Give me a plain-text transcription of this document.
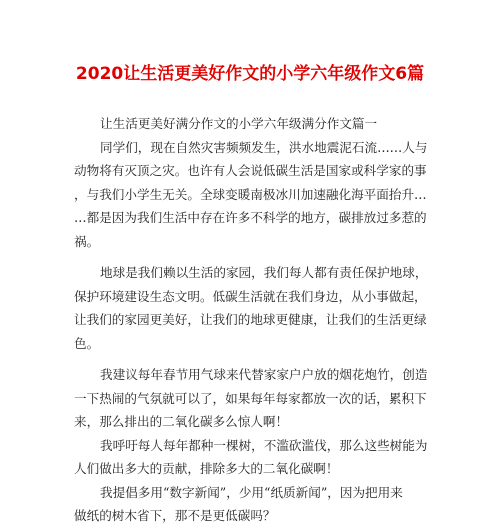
2020让生活更美好作文的小学六年级作文6篇
让生活更美好满分作文的小学六年级满分作文篇一
同学们，现在自然灾害频频发生，洪水地震泥石流……人与
动物将有灭顶之灾。也许有人会说低碳生活是国家或科学家的事
，与我们小学生无关。全球变暖南极冰川加速融化海平面抬升…
…都是因为我们生活中存在许多不科学的地方，碳排放过多惹的
祸。
地球是我们赖以生活的家园，我们每人都有责任保护地球，
保护环境建设生态文明。低碳生活就在我们身边，从小事做起，
让我们的家园更美好，让我们的地球更健康，让我们的生活更绿
色。
我建议每年春节用气球来代替家家户户放的烟花炮竹，创造
一下热闹的气氛就可以了，如果每年每家都放一次的话，累积下
来，那么排出的二氧化碳多么惊人啊！
我呼吁每人每年都种一棵树，不滥砍滥伐，那么这些树能为
人们做出多大的贡献，排除多大的二氧化碳啊！
我提倡多用“数字新闻”，少用“纸质新闻”，因为把用来
做纸的树木省下，那不是更低碳吗？
